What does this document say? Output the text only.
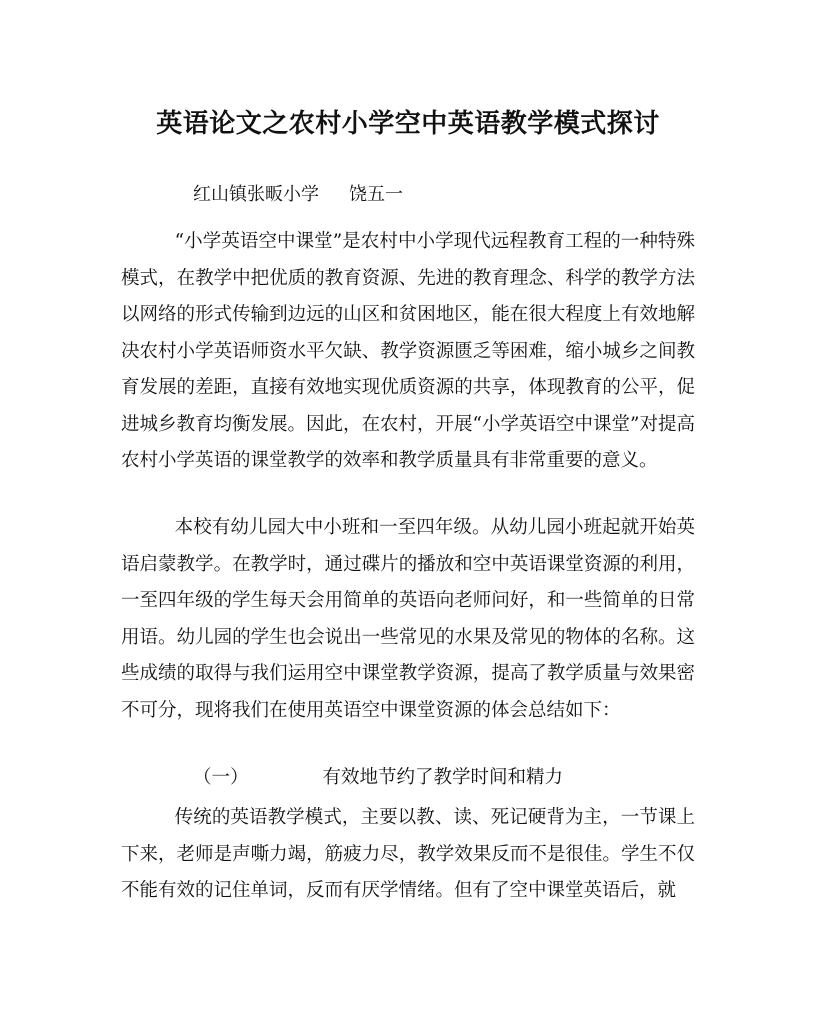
英语论文之农村小学空中英语教学模式探讨
红山镇张畈小学 饶五一

“小学英语空中课堂”是农村中小学现代远程教育工程的一种特殊模式，在教学中把优质的教育资源、先进的教育理念、科学的教学方法以网络的形式传输到边远的山区和贫困地区，能在很大程度上有效地解决农村小学英语师资水平欠缺、教学资源匮乏等困难，缩小城乡之间教育发展的差距，直接有效地实现优质资源的共享，体现教育的公平，促进城乡教育均衡发展。因此，在农村，开展“小学英语空中课堂”对提高农村小学英语的课堂教学的效率和教学质量具有非常重要的意义。

本校有幼儿园大中小班和一至四年级。从幼儿园小班起就开始英语启蒙教学。在教学时，通过碟片的播放和空中英语课堂资源的利用，一至四年级的学生每天会用简单的英语向老师问好，和一些简单的日常用语。幼儿园的学生也会说出一些常见的水果及常见的物体的名称。这些成绩的取得与我们运用空中课堂教学资源，提高了教学质量与效果密不可分，现将我们在使用英语空中课堂资源的体会总结如下：

（一）	有效地节约了教学时间和精力

传统的英语教学模式，主要以教、读、死记硬背为主，一节课上下来，老师是声嘶力竭，筋疲力尽，教学效果反而不是很佳。学生不仅不能有效的记住单词，反而有厌学情绪。但有了空中课堂英语后，就
